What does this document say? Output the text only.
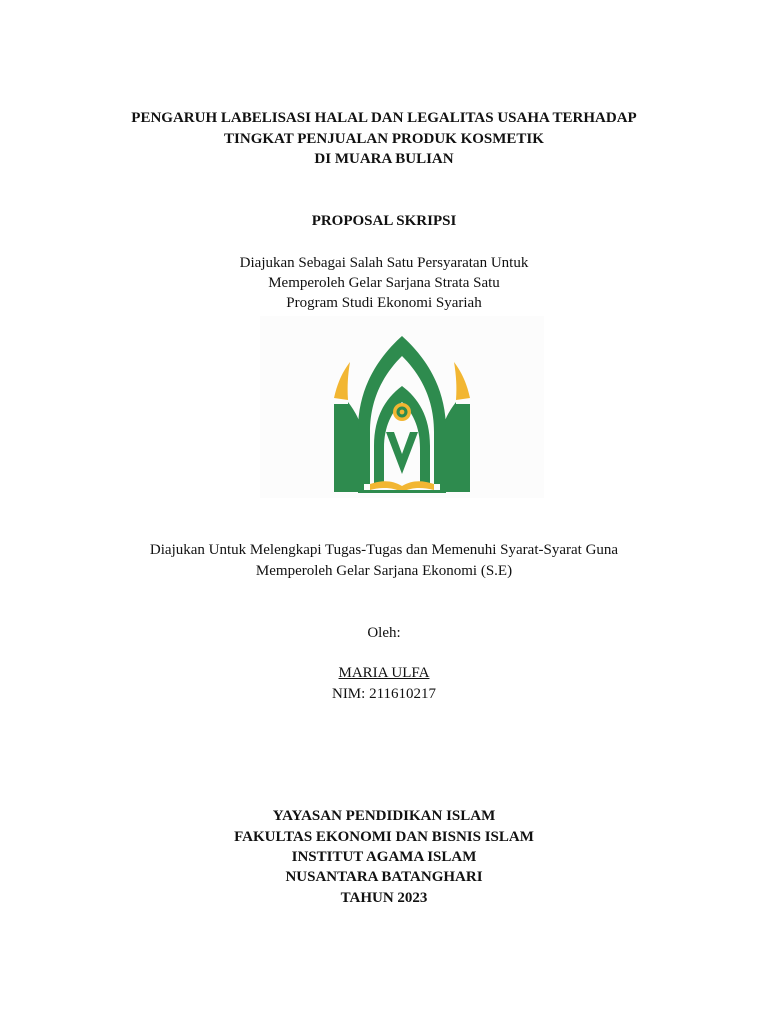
PENGARUH LABELISASI HALAL DAN LEGALITAS USAHA TERHADAP
TINGKAT PENJUALAN PRODUK KOSMETIK
DI MUARA BULIAN
PROPOSAL SKRIPSI
Diajukan Sebagai Salah Satu Persyaratan Untuk
Memperoleh Gelar Sarjana Strata Satu
Program Studi Ekonomi Syariah
Diajukan Untuk Melengkapi Tugas-Tugas dan Memenuhi Syarat-Syarat Guna
Memperoleh Gelar Sarjana Ekonomi (S.E)
Oleh:
MARIA ULFA
NIM: 211610217
YAYASAN PENDIDIKAN ISLAM
FAKULTAS EKONOMI DAN BISNIS ISLAM
INSTITUT AGAMA ISLAM
NUSANTARA BATANGHARI
TAHUN 2023
